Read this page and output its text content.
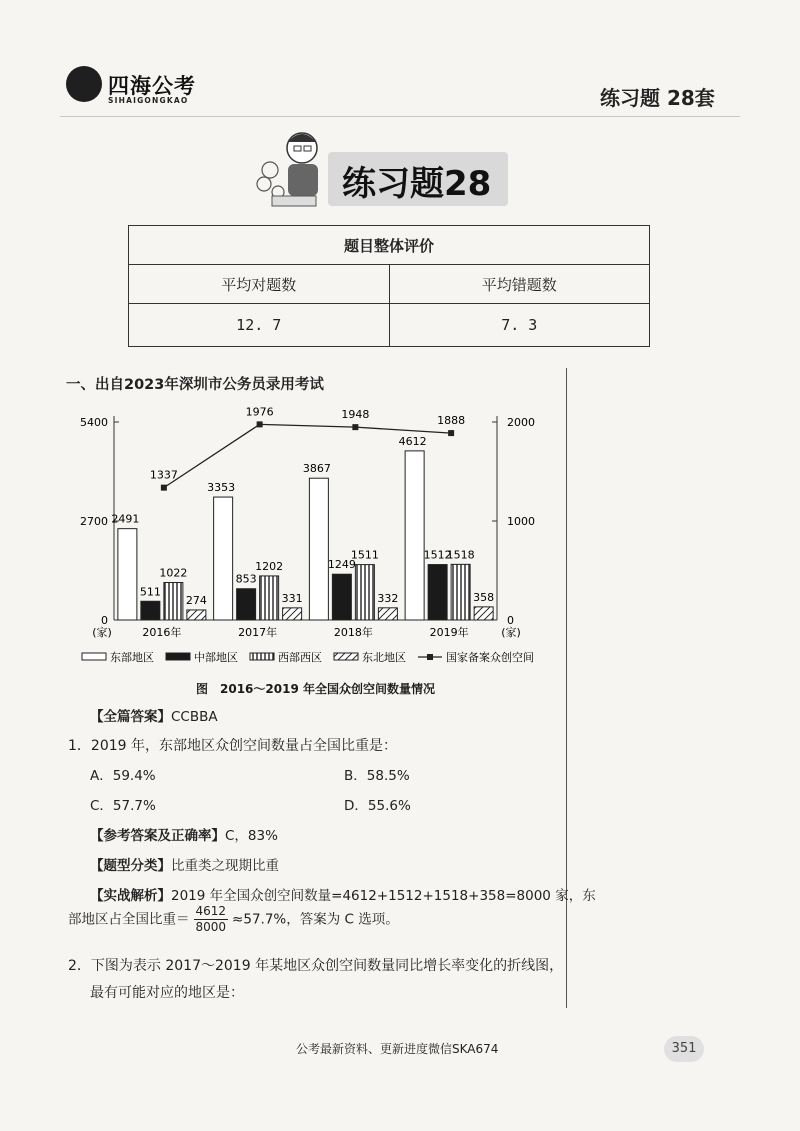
四海公考
SIHAIGONGKAO	练习题 28套
练习题28
题目整体评价	
平均对题数	平均错题数
12. 7	7. 3
一、出自2023年深圳市公务员录用考试
5400
2700
0
2000
1000
0
(家)	(家)
2491
511
1022
274
2016年
3353
853
1202
331
2017年
3867
1249
1511
332
2018年
4612
1512
1518
358
2019年
1337
1976	1948	1888
东部地区	中部地区	西部西区	东北地区	国家备案众创空间
图　2016～2019 年全国众创空间数量情况
【全篇答案】CCBBA
1．2019 年，东部地区众创空间数量占全国比重是：
A．59.4%	B．58.5%
C．57.7%	D．55.6%
【参考答案及正确率】C，83%
【题型分类】比重类之现期比重
【实战解析】2019 年全国众创空间数量=4612+1512+1518+358=8000 家，东
部地区占全国比重＝ $\frac{4612}{8000} \approx 57.7\%$，答案为 C 选项。
2．下图为表示 2017～2019 年某地区众创空间数量同比增长率变化的折线图，
最有可能对应的地区是：
公考最新资料、更新进度微信SKA674	351
